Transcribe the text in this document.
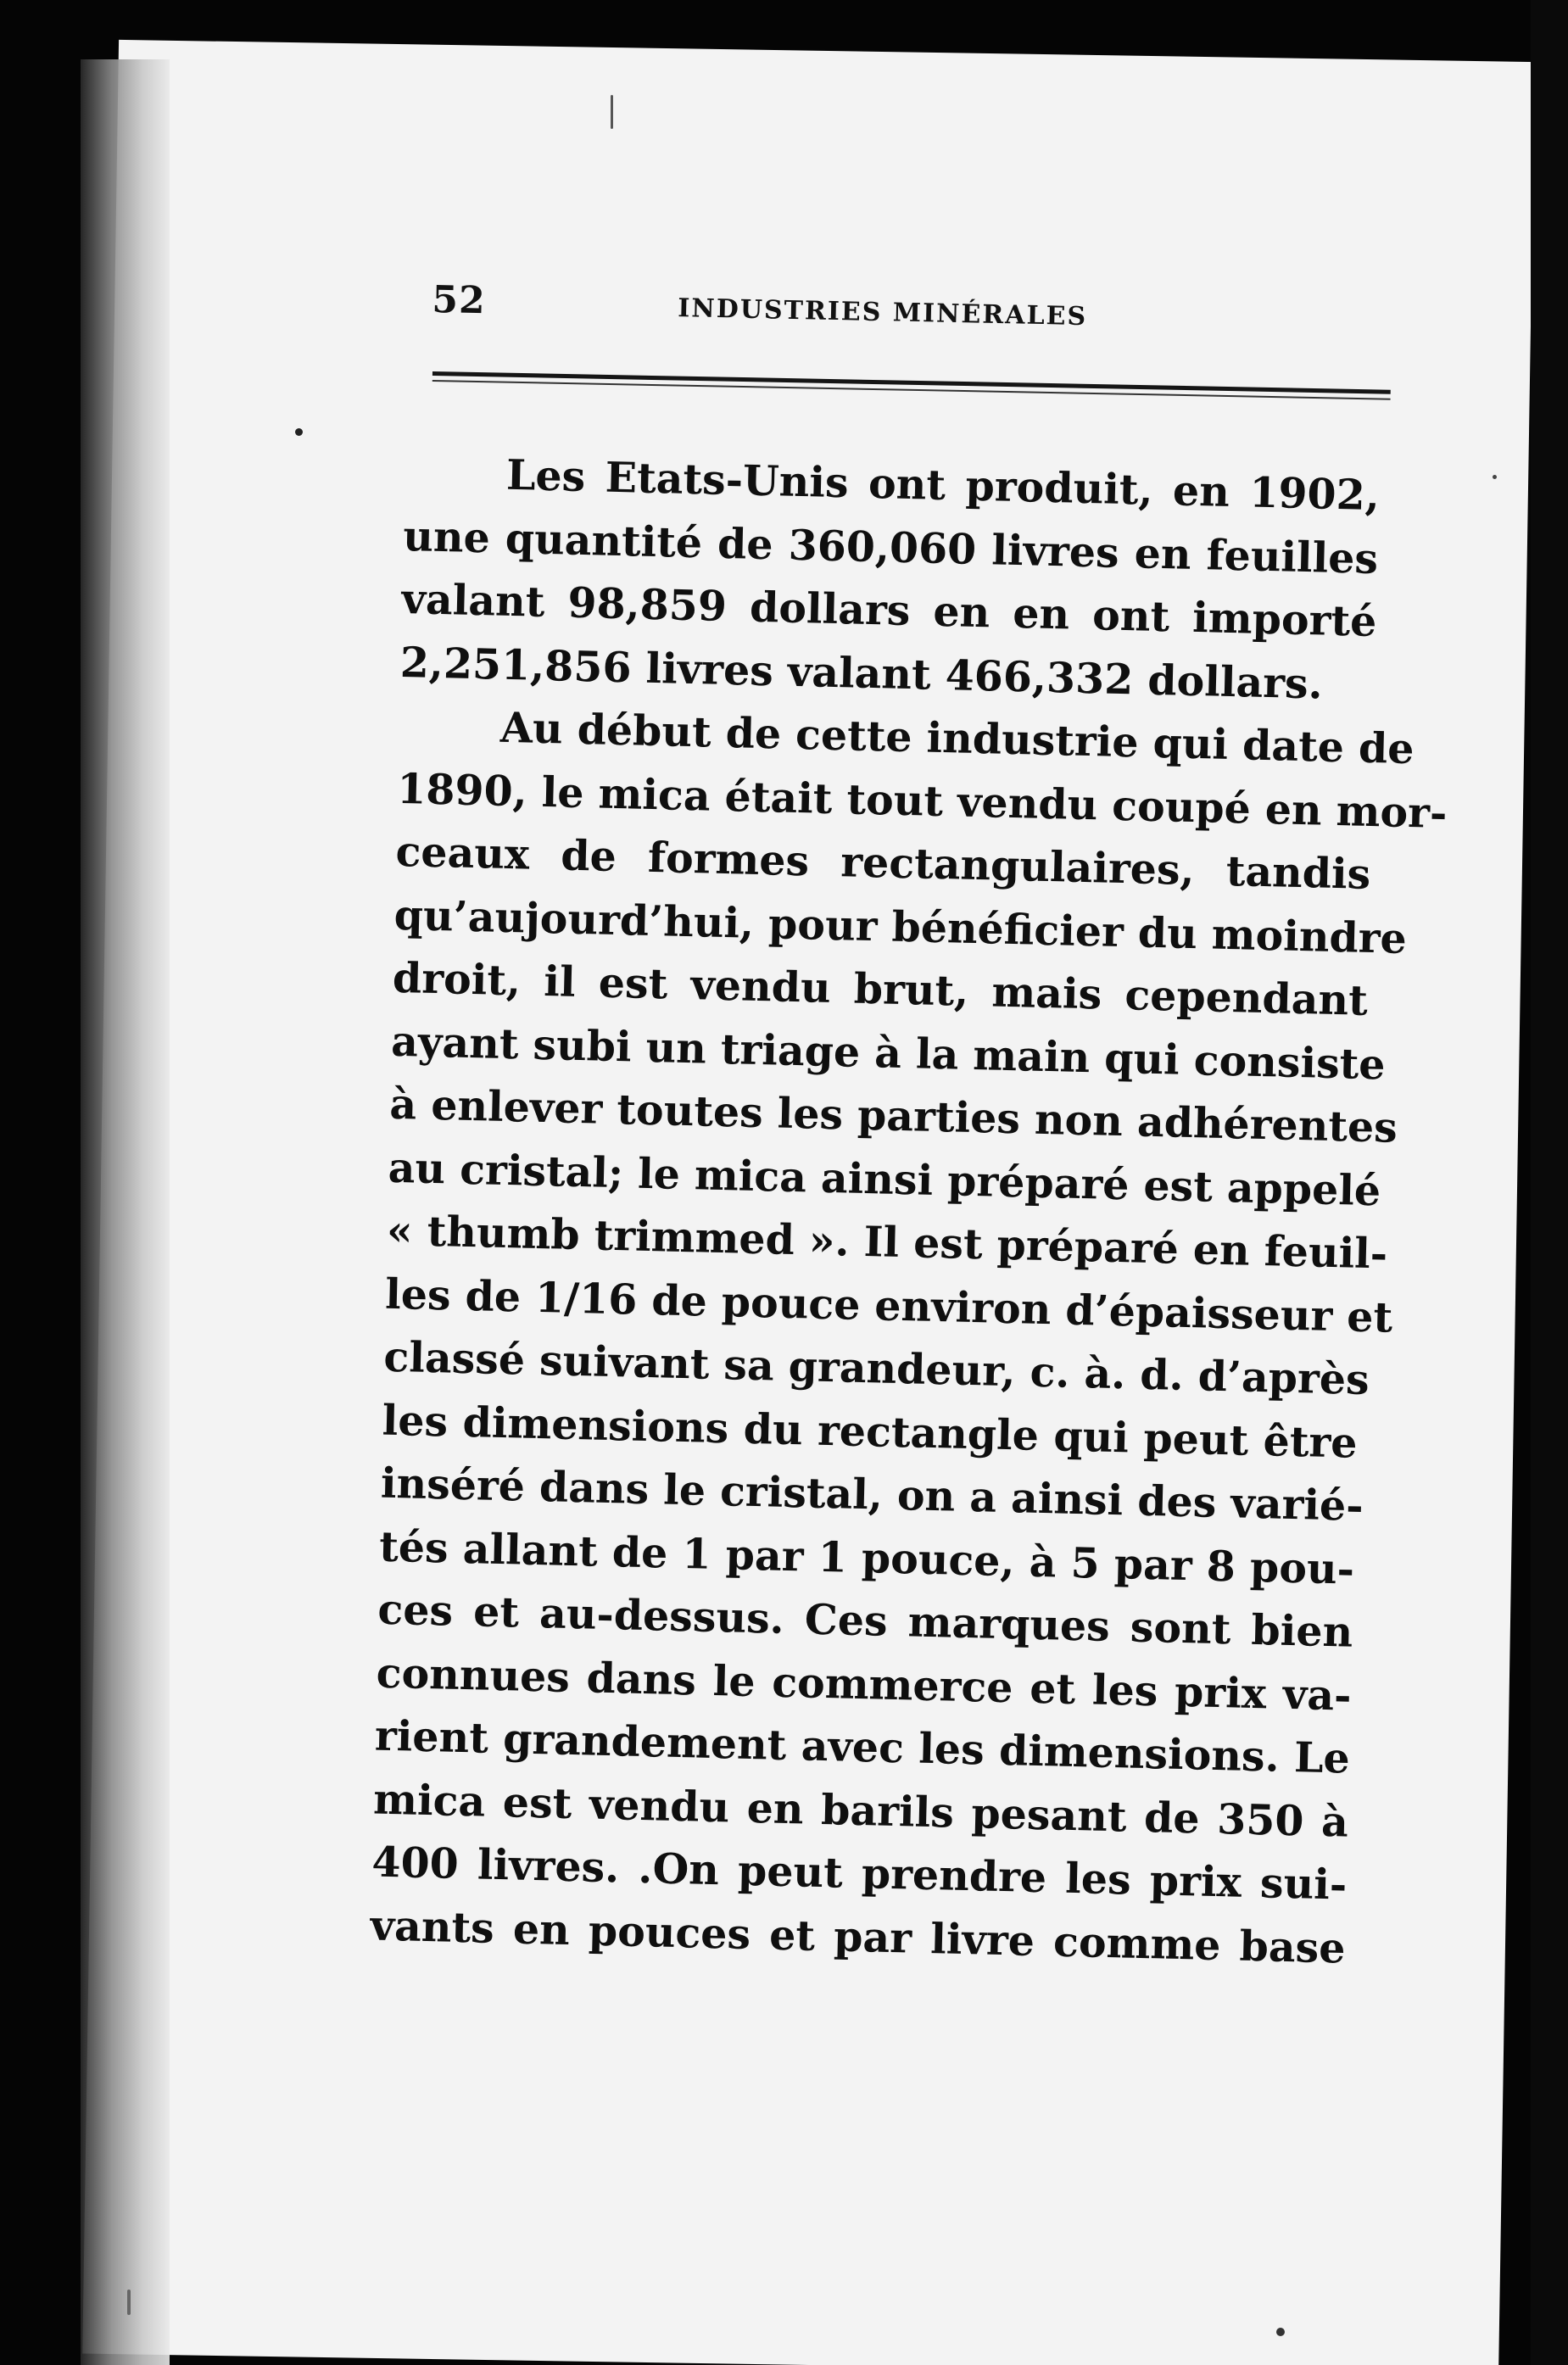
52	INDUSTRIES MINÉRALES
Les Etats-Unis ont produit, en 1902,
une quantité de 360,060 livres en feuilles
valant 98,859 dollars en en ont importé
2,251,856 livres valant 466,332 dollars.
Au début de cette industrie qui date de
1890, le mica était tout vendu coupé en mor-
ceaux de formes rectangulaires, tandis
qu’aujourd’hui, pour bénéficier du moindre
droit, il est vendu brut, mais cependant
ayant subi un triage à la main qui consiste
à enlever toutes les parties non adhérentes
au cristal; le mica ainsi préparé est appelé
« thumb trimmed ». Il est préparé en feuil-
les de 1/16 de pouce environ d’épaisseur et
classé suivant sa grandeur, c. à. d. d’après
les dimensions du rectangle qui peut être
inséré dans le cristal, on a ainsi des varié-
tés allant de 1 par 1 pouce, à 5 par 8 pou-
ces et au-dessus. Ces marques sont bien
connues dans le commerce et les prix va-
rient grandement avec les dimensions. Le
mica est vendu en barils pesant de 350 à
400 livres. .On peut prendre les prix sui-
vants en pouces et par livre comme base
